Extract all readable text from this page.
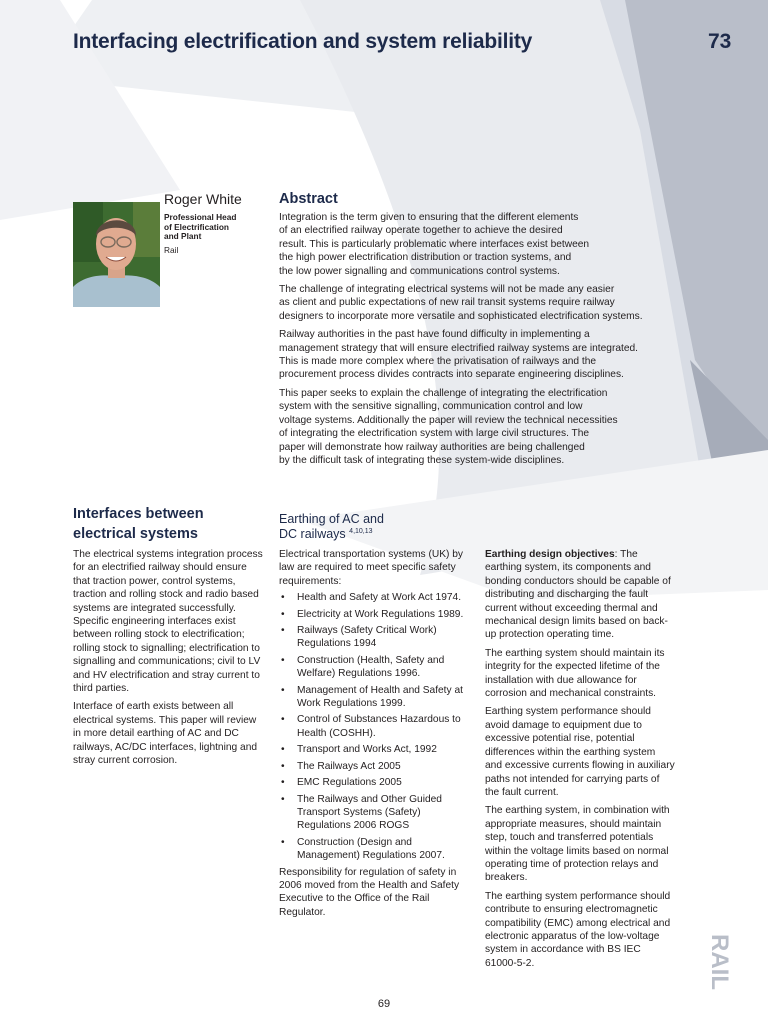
Interfacing electrification and system reliability	73
Roger White
Professional Head
of Electrification
and Plant
Rail
Abstract

Integration is the term given to ensuring that the different elements
of an electrified railway operate together to achieve the desired
result. This is particularly problematic where interfaces exist between
the high power electrification distribution or traction systems, and
the low power signalling and communications control systems.

The challenge of integrating electrical systems will not be made any easier
as client and public expectations of new rail transit systems require railway
designers to incorporate more versatile and sophisticated electrification systems.

Railway authorities in the past have found difficulty in implementing a
management strategy that will ensure electrified railway systems are integrated.
This is made more complex where the privatisation of railways and the
procurement process divides contracts into separate engineering disciplines.

This paper seeks to explain the challenge of integrating the electrification
system with the sensitive signalling, communication control and low
voltage systems. Additionally the paper will review the technical necessities
of integrating the electrification system with large civil structures. The
paper will demonstrate how railway authorities are being challenged
by the difficult task of integrating these system-wide disciplines.

Interfaces between
electrical systems

The electrical systems integration process for an electrified railway should ensure that traction power, control systems, traction and rolling stock and radio based systems are integrated successfully. Specific engineering interfaces exist between rolling stock to electrification; rolling stock to signalling; electrification to signalling and communications; civil to LV and HV electrification and stray current to third parties.

Interface of earth exists between all electrical systems. This paper will review in more detail earthing of AC and DC railways, AC/DC interfaces, lightning and stray current corrosion.

Earthing of AC and
DC railways $^{4,10,13}$

Electrical transportation systems (UK) by law are required to meet specific safety requirements:

• Health and Safety at Work Act 1974.
• Electricity at Work Regulations 1989.
• Railways (Safety Critical Work) Regulations 1994
• Construction (Health, Safety and Welfare) Regulations 1996.
• Management of Health and Safety at Work Regulations 1999.
• Control of Substances Hazardous to Health (COSHH).
• Transport and Works Act, 1992
• The Railways Act 2005
• EMC Regulations 2005
• The Railways and Other Guided Transport Systems (Safety) Regulations 2006 ROGS
• Construction (Design and Management) Regulations 2007.

Responsibility for regulation of safety in 2006 moved from the Health and Safety Executive to the Office of the Rail Regulator.

Earthing design objectives: The earthing system, its components and bonding conductors should be capable of distributing and discharging the fault current without exceeding thermal and mechanical design limits based on back-up protection operating time.

The earthing system should maintain its integrity for the expected lifetime of the installation with due allowance for corrosion and mechanical constraints.

Earthing system performance should avoid damage to equipment due to excessive potential rise, potential differences within the earthing system and excessive currents flowing in auxiliary paths not intended for carrying parts of the fault current.

The earthing system, in combination with appropriate measures, should maintain step, touch and transferred potentials within the voltage limits based on normal operating time of protection relays and breakers.

The earthing system performance should contribute to ensuring electromagnetic compatibility (EMC) among electrical and electronic apparatus of the low-voltage system in accordance with BS IEC 61000-5-2.	RAIL
69
